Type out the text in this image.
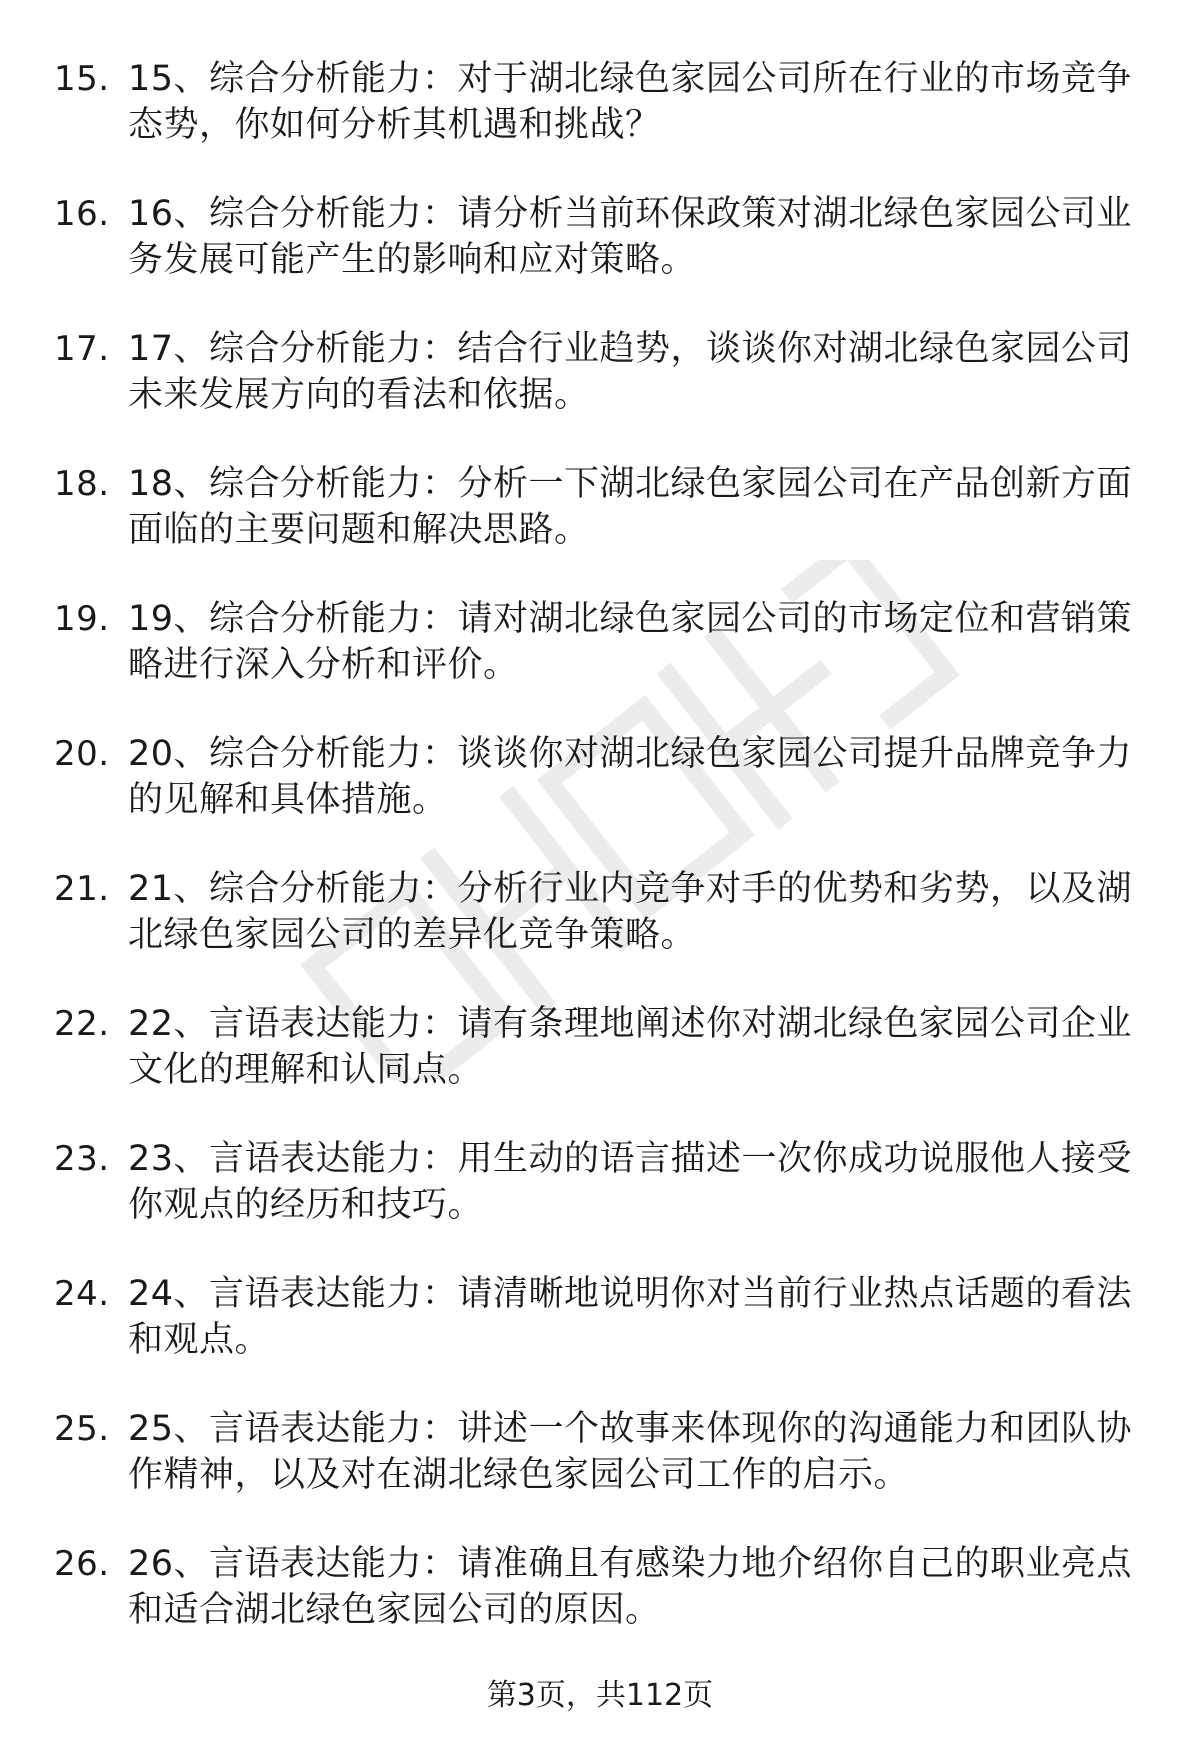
15. 15、综合分析能力：对于湖北绿色家园公司所在行业的市场竞争态势，你如何分析其机遇和挑战？
16. 16、综合分析能力：请分析当前环保政策对湖北绿色家园公司业务发展可能产生的影响和应对策略。
17. 17、综合分析能力：结合行业趋势，谈谈你对湖北绿色家园公司未来发展方向的看法和依据。
18. 18、综合分析能力：分析一下湖北绿色家园公司在产品创新方面面临的主要问题和解决思路。
19. 19、综合分析能力：请对湖北绿色家园公司的市场定位和营销策略进行深入分析和评价。
20. 20、综合分析能力：谈谈你对湖北绿色家园公司提升品牌竞争力的见解和具体措施。
21. 21、综合分析能力：分析行业内竞争对手的优势和劣势，以及湖北绿色家园公司的差异化竞争策略。
22. 22、言语表达能力：请有条理地阐述你对湖北绿色家园公司企业文化的理解和认同点。
23. 23、言语表达能力：用生动的语言描述一次你成功说服他人接受你观点的经历和技巧。
24. 24、言语表达能力：请清晰地说明你对当前行业热点话题的看法和观点。
25. 25、言语表达能力：讲述一个故事来体现你的沟通能力和团队协作精神，以及对在湖北绿色家园公司工作的启示。
26. 26、言语表达能力：请准确且有感染力地介绍你自己的职业亮点和适合湖北绿色家园公司的原因。
第3页，共112页
